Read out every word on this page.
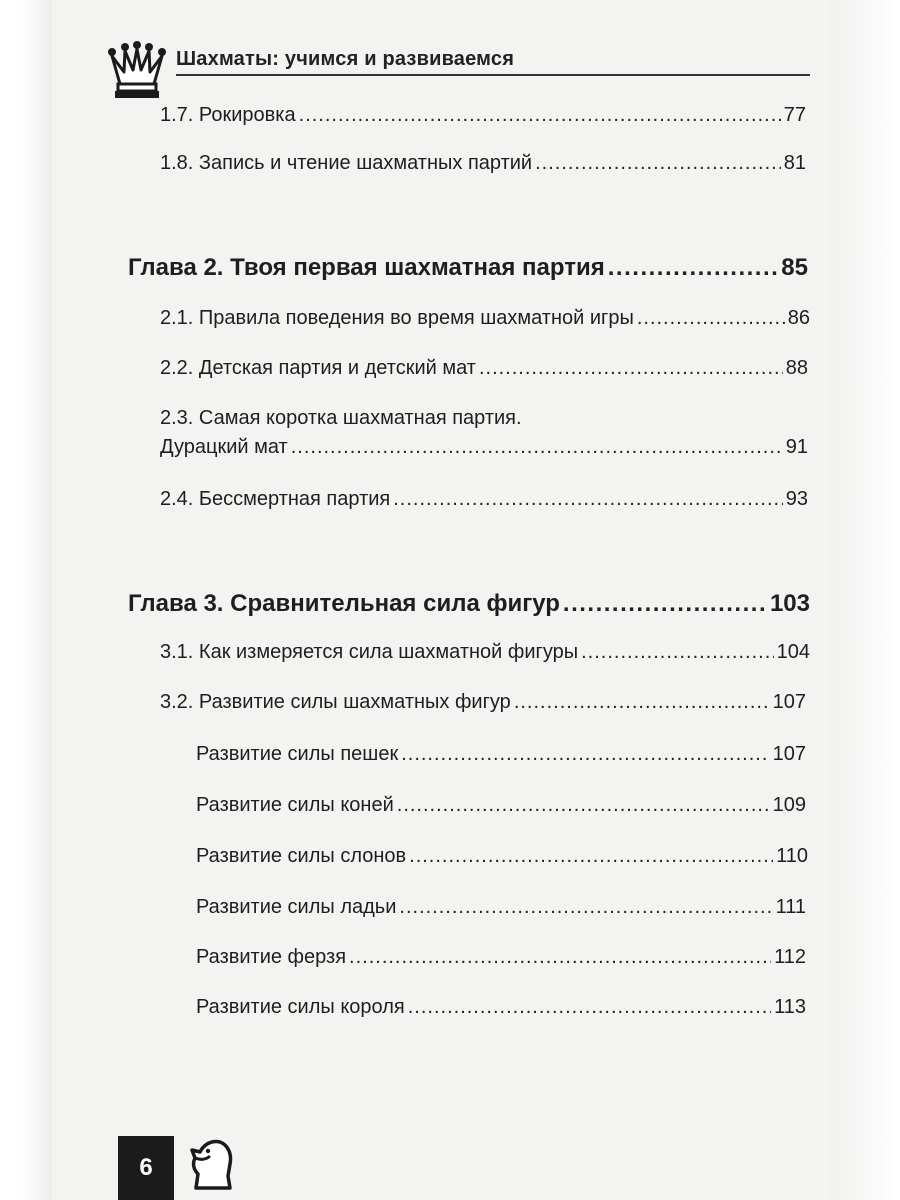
Шахматы: учимся и развиваемся
1.7. Рокировка .....	77
1.8. Запись и чтение шахматных партий .....	81
Глава 2. Твоя первая шахматная партия .....	85
2.1. Правила поведения во время шахматной игры .....	86
2.2. Детская партия и детский мат .....	88
2.3. Самая коротка шахматная партия.
Дурацкий мат .....	91
2.4. Бессмертная партия .....	93
Глава 3. Сравнительная сила фигур .....	103
3.1. Как измеряется сила шахматной фигуры .....	104
3.2. Развитие силы шахматных фигур .....	107
Развитие силы пешек .....	107
Развитие силы коней .....	109
Развитие силы слонов .....	110
Развитие силы ладьи .....	111
Развитие ферзя .....	112
Развитие силы короля .....	113
6
